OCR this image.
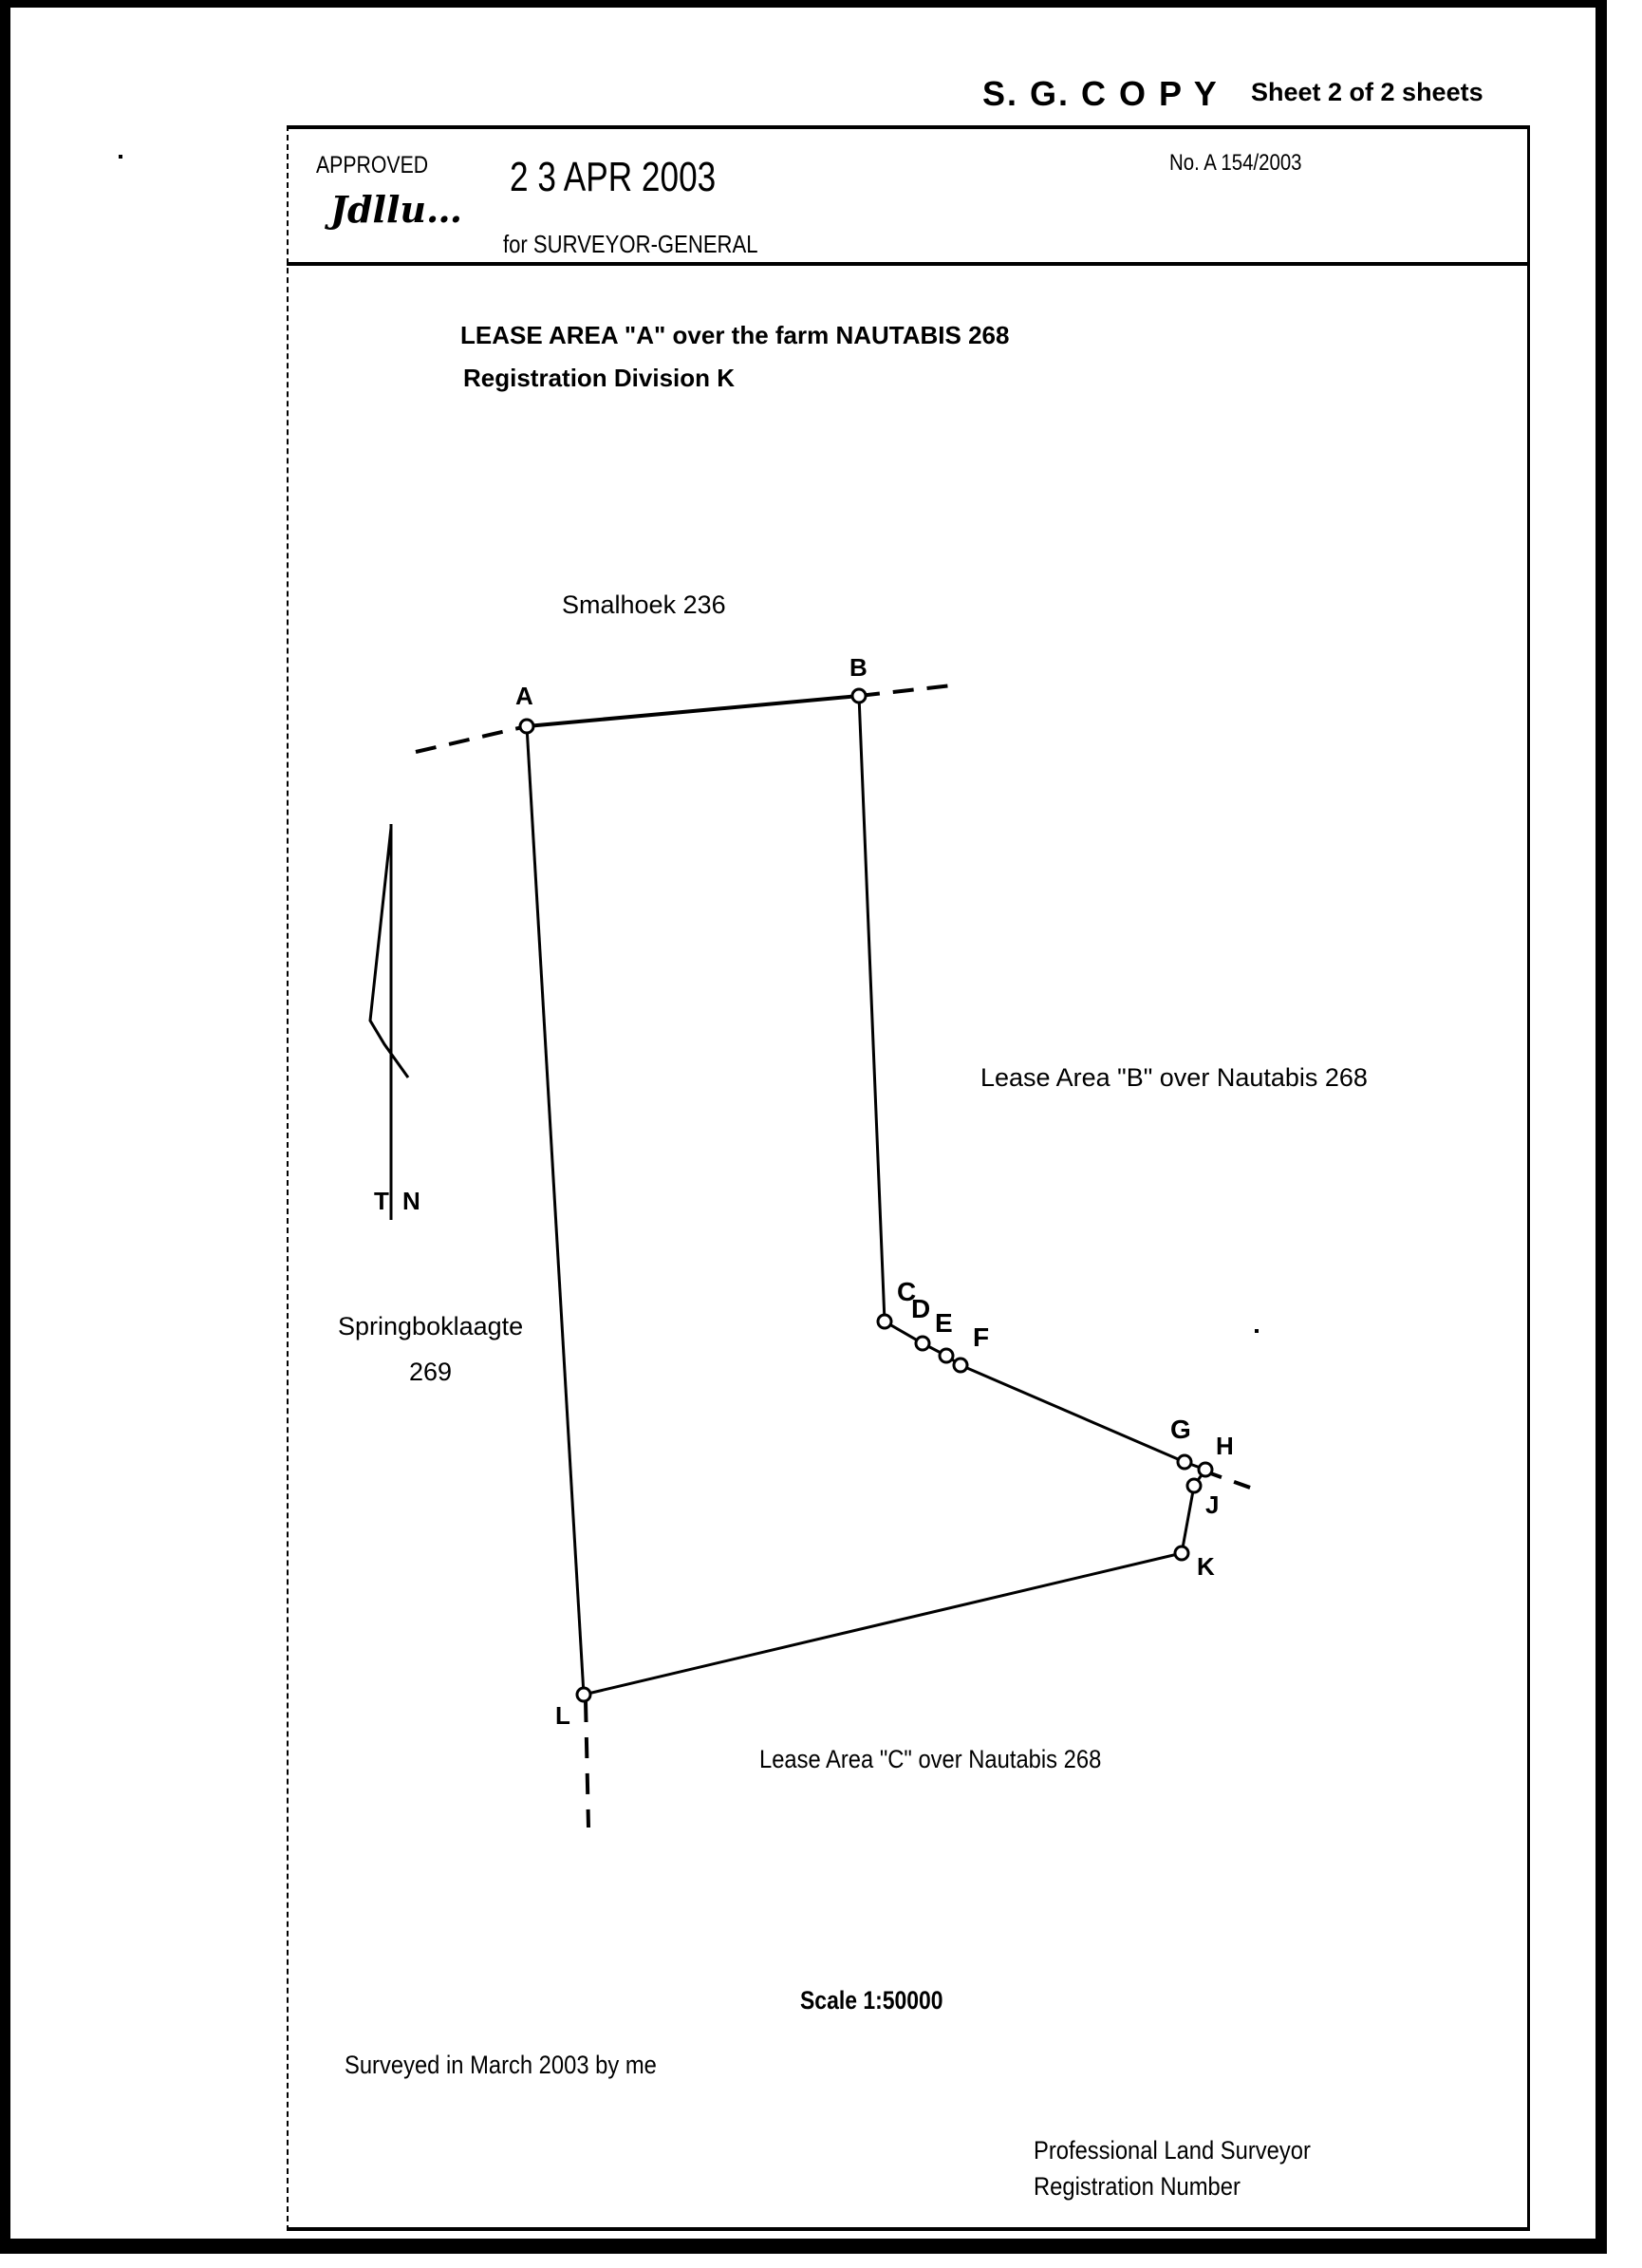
S. G. C O P Y Sheet 2 of 2 sheets
APPROVED 2 3 APR 2003
Jdllu…
for SURVEYOR-GENERAL
No. A 154/2003
LEASE AREA "A" over the farm NAUTABIS 268
Registration Division K
A
B
C
D E F
G
H
J
K
L
T N
Smalhoek 236
Springboklaagte
269
Lease Area "B" over Nautabis 268
Lease Area "C" over Nautabis 268
Scale 1:50000
Surveyed in March 2003 by me
Professional Land Surveyor
Registration Number
